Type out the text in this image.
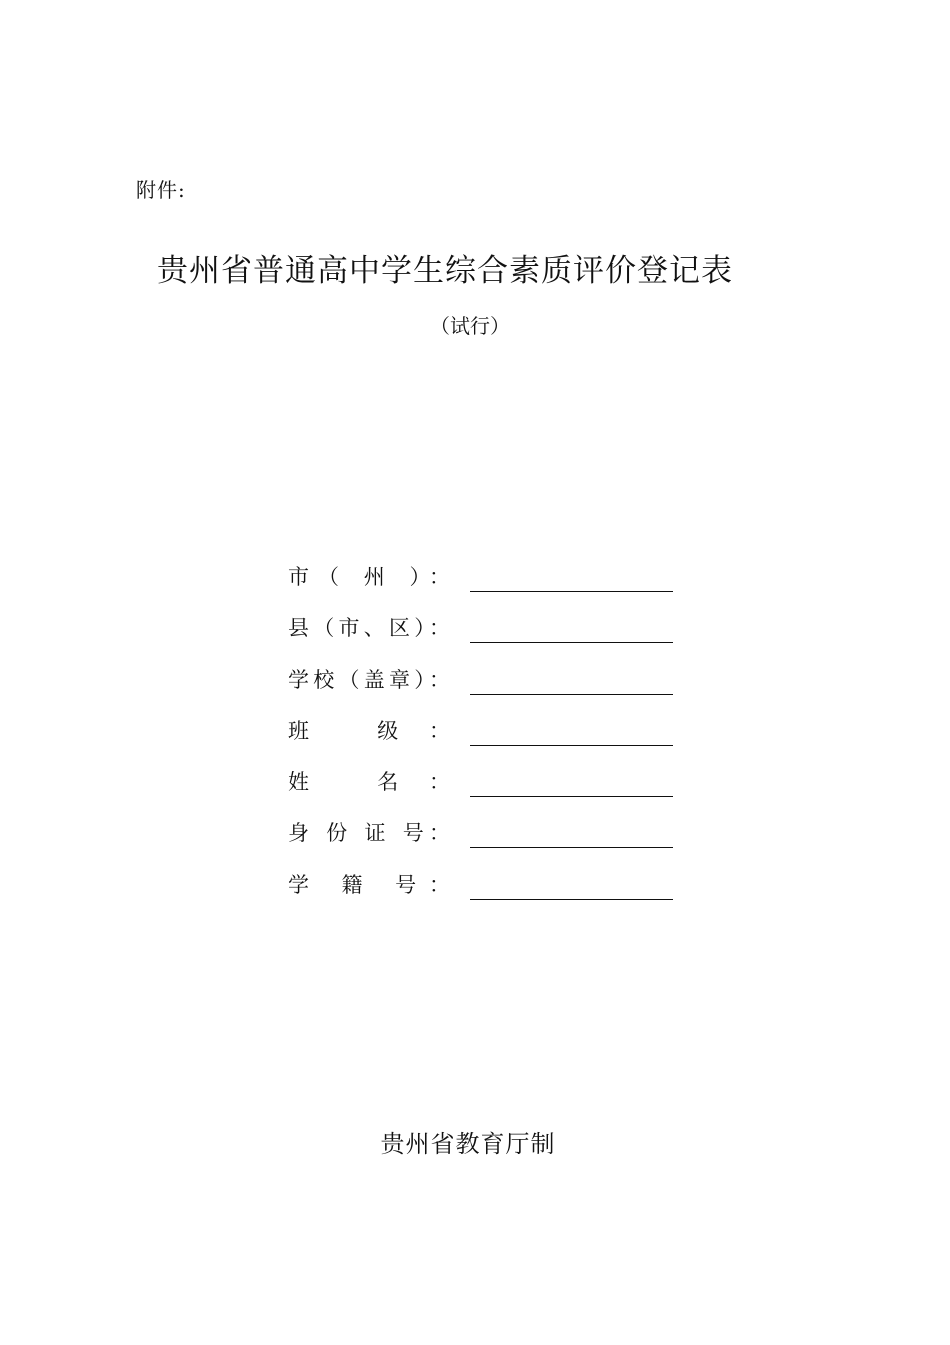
附件:
贵州省普通高中学生综合素质评价登记表
（试行）
市（ 州 ）：
县（市、区）：
学校（盖章）：
班 级：
姓 名：
身 份 证 号：
学 籍 号：
贵州省教育厅制
